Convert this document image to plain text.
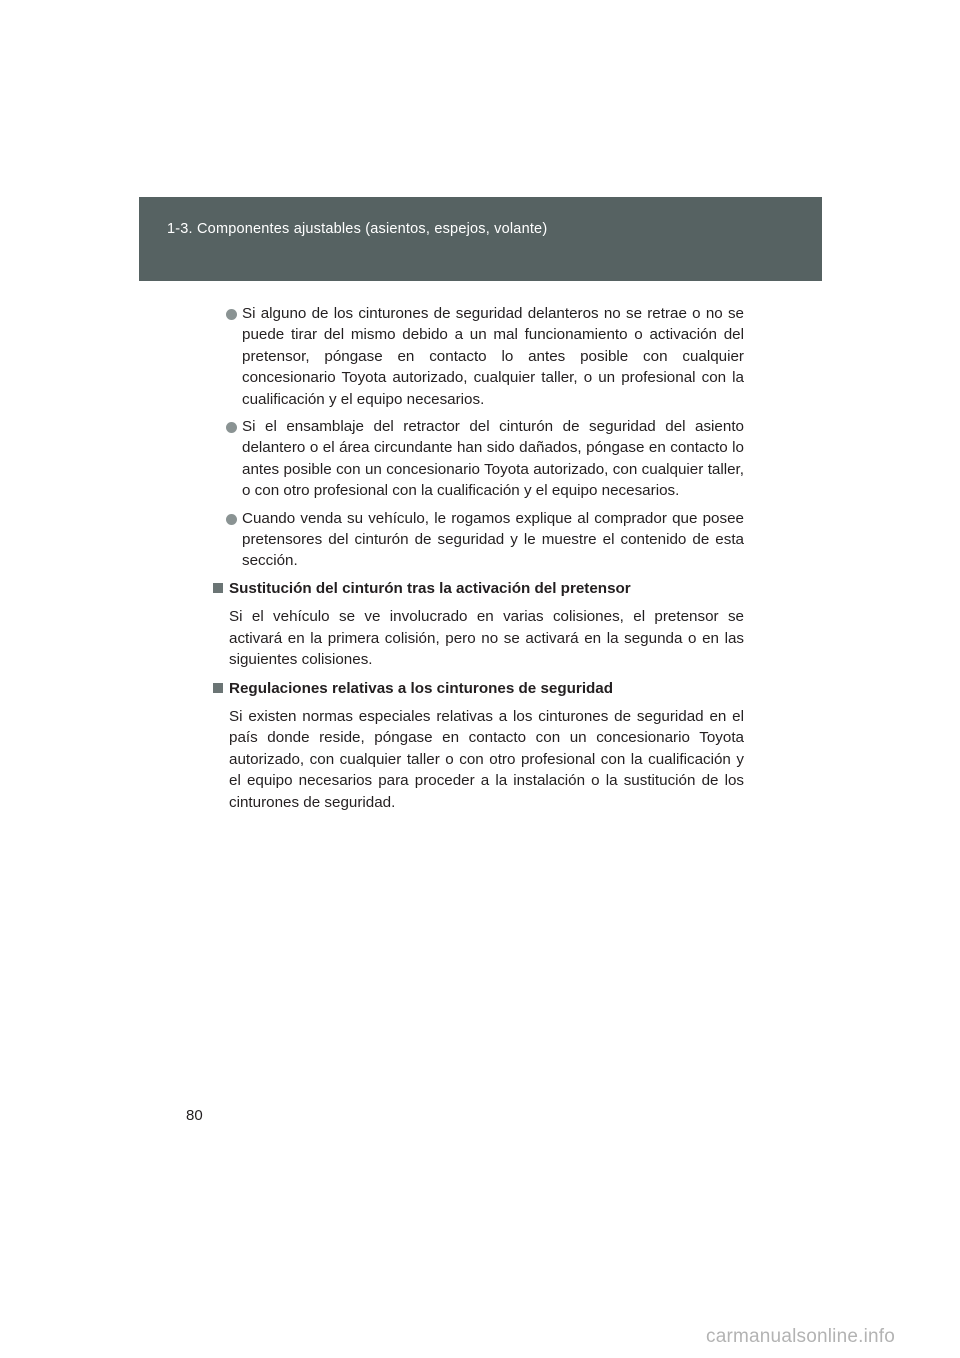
1-3. Componentes ajustables (asientos, espejos, volante)

Si alguno de los cinturones de seguridad delanteros no se retrae o no se puede tirar del mismo debido a un mal funcionamiento o activación del pretensor, póngase en contacto lo antes posible con cualquier concesionario Toyota autorizado, cualquier taller, o un profesional con la cualificación y el equipo necesarios.

Si el ensamblaje del retractor del cinturón de seguridad del asiento delantero o el área circundante han sido dañados, póngase en contacto lo antes posible con un concesionario Toyota autorizado, con cualquier taller, o con otro profesional con la cualificación y el equipo necesarios.

Cuando venda su vehículo, le rogamos explique al comprador que posee pretensores del cinturón de seguridad y le muestre el contenido de esta sección.

Sustitución del cinturón tras la activación del pretensor

Si el vehículo se ve involucrado en varias colisiones, el pretensor se activará en la primera colisión, pero no se activará en la segunda o en las siguientes colisiones.

Regulaciones relativas a los cinturones de seguridad

Si existen normas especiales relativas a los cinturones de seguridad en el país donde reside, póngase en contacto con un concesionario Toyota autorizado, con cualquier taller o con otro profesional con la cualificación y el equipo necesarios para proceder a la instalación o la sustitución de los cinturones de seguridad.

80
carmanualsonline.info
